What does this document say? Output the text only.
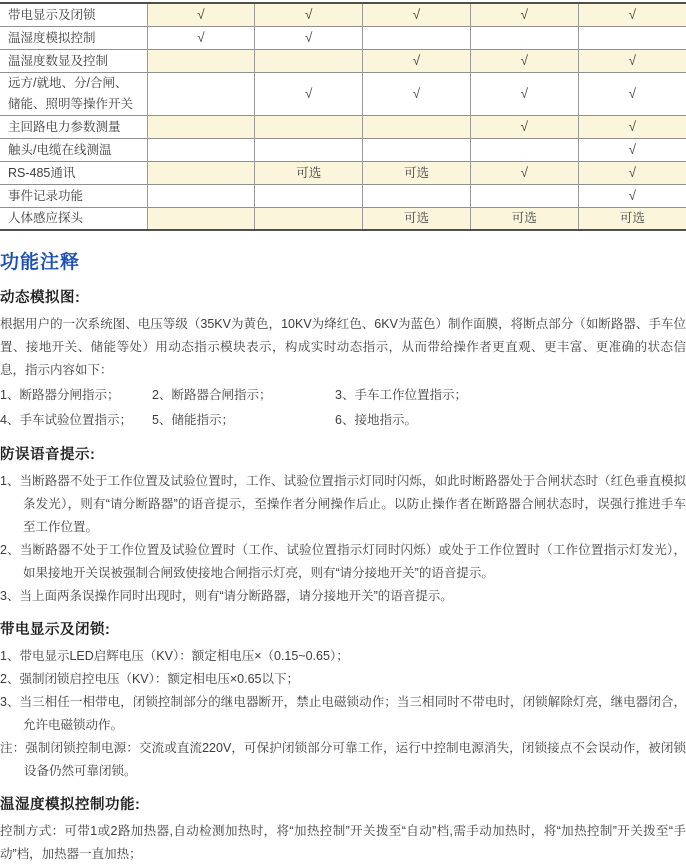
带电显示及闭锁	√	√	√	√	√
温湿度模拟控制	√	√			
温湿度数显及控制			√	√	√
远方/就地、分/合闸、储能、照明等操作开关		√	√	√	√
主回路电力参数测量				√	√
触头/电缆在线测温					√
RS-485通讯		可选	可选	√	√
事件记录功能					√
人体感应探头			可选	可选	可选
功能注释
动态模拟图:
根据用户的一次系统图、电压等级（35KV为黄色，10KV为绛红色、6KV为蓝色）制作面膜，将断点部分（如断路器、手车位置、接地开关、储能等处）用动态指示模块表示，构成实时动态指示，从而带给操作者更直观、更丰富、更准确的状态信息，指示内容如下：
1、断路器分闸指示；	2、断路器合闸指示；	3、手车工作位置指示；
4、手车试验位置指示；	5、储能指示；	6、接地指示。
防误语音提示:
1、当断路器不处于工作位置及试验位置时，工作、试验位置指示灯同时闪烁，如此时断路器处于合闸状态时（红色垂直模拟条发光），则有“请分断路器”的语音提示，至操作者分闸操作后止。以防止操作者在断路器合闸状态时，误强行推进手车至工作位置。
2、当断路器不处于工作位置及试验位置时（工作、试验位置指示灯同时闪烁）或处于工作位置时（工作位置指示灯发光），如果接地开关误被强制合闸致使接地合闸指示灯亮，则有“请分接地开关”的语音提示。
3、当上面两条误操作同时出现时，则有“请分断路器，请分接地开关”的语音提示。
带电显示及闭锁:
1、带电显示LED启辉电压（KV）：额定相电压×（0.15~0.65）；
2、强制闭锁启控电压（KV）：额定相电压×0.65以下；
3、当三相任一相带电，闭锁控制部分的继电器断开，禁止电磁锁动作；当三相同时不带电时，闭锁解除灯亮，继电器闭合，允许电磁锁动作。
注：强制闭锁控制电源：交流或直流220V，可保护闭锁部分可靠工作，运行中控制电源消失，闭锁接点不会误动作，被闭锁设备仍然可靠闭锁。
温湿度模拟控制功能:
控制方式：可带1或2路加热器,自动检测加热时，将“加热控制”开关拨至“自动”档,需手动加热时，将“加热控制”开关拨至“手动”档，加热器一直加热；
